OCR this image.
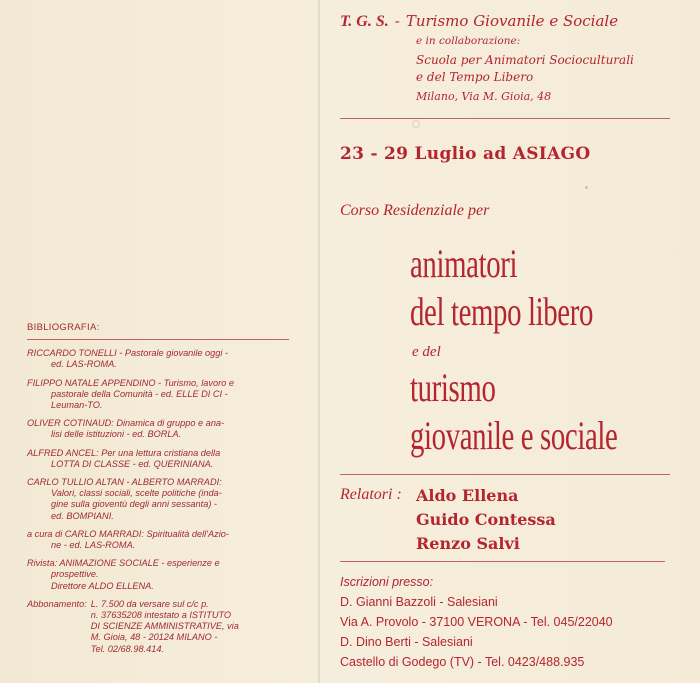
BIBLIOGRAFIA:
RICCARDO TONELLI - Pastorale giovanile oggi -
ed. LAS-ROMA.
FILIPPO NATALE APPENDINO - Turismo, lavoro e
pastorale della Comunità - ed. ELLE DI CI -
Leuman-TO.
OLIVER COTINAUD: Dinamica di gruppo e ana-
lisi delle istituzioni - ed. BORLA.
ALFRED ANCEL: Per una lettura cristiana della
LOTTA DI CLASSE - ed. QUERINIANA.
CARLO TULLIO ALTAN - ALBERTO MARRADI:
Valori, classi sociali, scelte politiche (inda-
gine sulla gioventù degli anni sessanta) -
ed. BOMPIANI.
a cura di CARLO MARRADI: Spiritualità dell'Azio-
ne - ed. LAS-ROMA.
Rivista: ANIMAZIONE SOCIALE - esperienze e
prospettive.
Direttore ALDO ELLENA.
Abbonamento: L. 7.500 da versare sul c/c p.
n. 37635208 intestato a ISTITUTO
DI SCIENZE AMMINISTRATIVE, via
M. Gioia, 48 - 20124 MILANO -
Tel. 02/68.98.414.
T. G. S. - Turismo Giovanile e Sociale
e in collaborazione:
Scuola per Animatori Socioculturali
e del Tempo Libero
Milano, Via M. Gioia, 48
23 - 29 Luglio ad ASIAGO
Corso Residenziale per
animatori
del tempo libero
e del
turismo
giovanile e sociale
Relatori : Aldo Ellena
Guido Contessa
Renzo Salvi
Iscrizioni presso:
D. Gianni Bazzoli - Salesiani
Via A. Provolo - 37100 VERONA - Tel. 045/22040
D. Dino Berti - Salesiani
Castello di Godego (TV) - Tel. 0423/488.935
